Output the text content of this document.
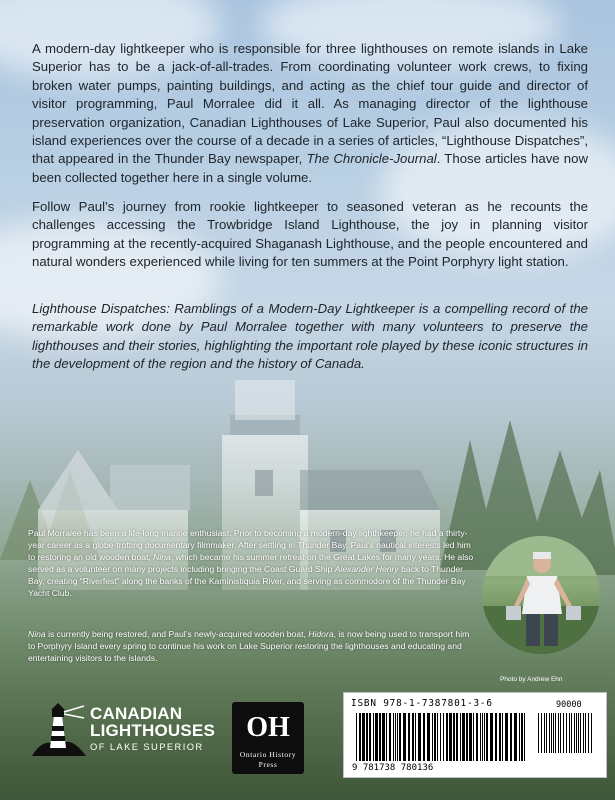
A modern-day lightkeeper who is responsible for three lighthouses on remote islands in Lake Superior has to be a jack-of-all-trades. From coordinating volunteer work crews, to fixing broken water pumps, painting buildings, and acting as the chief tour guide and director of visitor programming, Paul Morralee did it all. As managing director of the lighthouse preservation organization, Canadian Lighthouses of Lake Superior, Paul also documented his island experiences over the course of a decade in a series of articles, “Lighthouse Dispatches”, that appeared in the Thunder Bay newspaper, The Chronicle-Journal. Those articles have now been collected together here in a single volume.

Follow Paul’s journey from rookie lightkeeper to seasoned veteran as he recounts the challenges accessing the Trowbridge Island Lighthouse, the joy in planning visitor programming at the recently-acquired Shaganash Lighthouse, and the people encountered and natural wonders experienced while living for ten summers at the Point Porphyry light station.

Lighthouse Dispatches: Ramblings of a Modern-Day Lightkeeper is a compelling record of the remarkable work done by Paul Morralee together with many volunteers to preserve the lighthouses and their stories, highlighting the important role played by these iconic structures in the development of the region and the history of Canada.

Paul Morralee has been a life-long marine enthusiast. Prior to becoming a modern-day lighthkeeper, he had a thirty-year career as a globe-trotting documentary filmmaker. After settling in Thunder Bay, Paul’s nautical interests led him to restoring an old wooden boat, Nina, which became his summer retreat on the Great Lakes for many years. He also served as a volunteer on many projects including bringing the Coast Guard Ship Alexander Henry back to Thunder Bay, creating “Riverfest” along the banks of the Kaministiquia River, and serving as commodore of the Thunder Bay Yacht Club.

Nina is currently being restored, and Paul’s newly-acquired wooden boat, Hidora, is now being used to transport him to Porphyry Island every spring to continue his work on Lake Superior restoring the lighthouses and educating and entertaining visitors to the islands.

Photo by Andrew Ehn
CANADIAN
LIGHTHOUSES
OF LAKE SUPERIOR
OH
Ontario History
Press
ISBN 978-1-7387801-3-6
9 781738 780136
90000
